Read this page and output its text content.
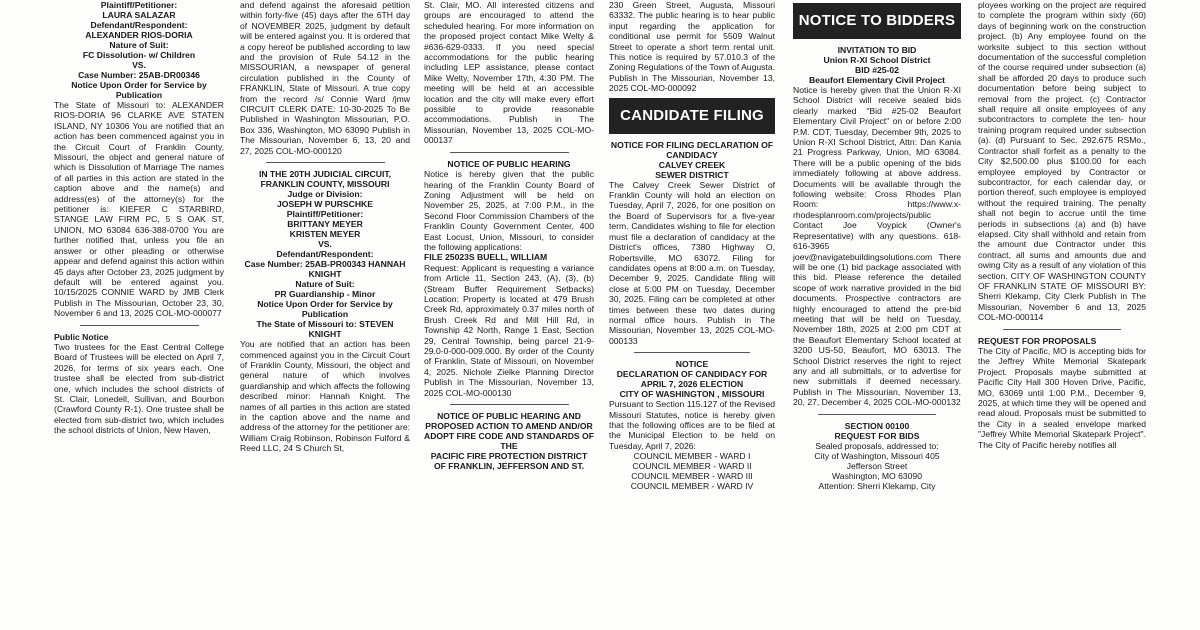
Plaintiff/Petitioner:

LAURA SALAZAR

Defendant/Respondent:

ALEXANDER RIOS-DORIA

Nature of Suit:

FC Dissolution- w/ Children

VS.

Case Number: 25AB-DR00346

Notice Upon Order for Service by Publication

The State of Missouri to: ALEXANDER RIOS-DORIA 96 CLARKE AVE STATEN ISLAND, NY 10306 You are notified that an action has been commenced against you in the Circuit Court of Franklin County, Missouri, the object and general nature of which is Dissolution of Marriage The names of all parties in this action are stated in the caption above and the name(s) and address(es) of the attorney(s) for the petitioner is: KIEFER C STARBIRD, STANGE LAW FIRM PC, 5 S OAK ST, UNION, MO 63084 636-388-0700 You are further notified that, unless you file an answer or other pleading or otherwise appear and defend against this action within 45 days after October 23, 2025 judgment by default will be entered against you. 10/15/2025 CONNIE WARD by JMB Clerk Publish in The Missourian, October 23, 30, November 6 and 13, 2025 COL-MO-000077

Public Notice

Two trustees for the East Central College Board of Trustees will be elected on April 7, 2026, for terms of six years each. One trustee shall be elected from sub-district one, which includes the school districts of St. Clair, Lonedell, Sullivan, and Bourbon (Crawford County R-1). One trustee shall be elected from sub-district two, which includes the school districts of Union, New Haven,

and defend against the aforesaid petition within forty-five (45) days after the 6TH day of NOVEMBER 2025, judgment by default will be entered against you. It is ordered that a copy hereof be published according to law and the provision of Rule 54.12 in the MISSOURIAN, a newspaper of general circulation published in the County of FRANKLIN, State of Missouri. A true copy from the record /s/ Connie Ward /jmw CIRCUIT CLERK DATE: 10-30-2025 To Be Published in Washington Missourian, P.O. Box 336, Washington, MO 63090 Publish in The Missourian, November 6, 13, 20 and 27, 2025 COL-MO-000120

IN THE 20TH JUDICIAL CIRCUIT, FRANKLIN COUNTY, MISSOURI

Judge or Division:

JOSEPH W PURSCHKE

Plaintiff/Petitioner:

BRITTANY MEYER

KRISTEN MEYER

VS.

Defendant/Respondent:

Case Number: 25AB-PR00343 HANNAH KNIGHT

Nature of Suit:

PR Guardianship - Minor

Notice Upon Order for Service by Publication

The State of Missouri to: STEVEN KNIGHT

You are notified that an action has been commenced against you in the Circuit Court of Franklin County, Missouri, the object and general nature of which involves guardianship and which affects the following described minor: Hannah Knight. The names of all parties in this action are stated in the caption above and the name and address of the attorney for the petitioner are: William Craig Robinson, Robinson Fulford & Reed LLC, 24 S Church St,

St. Clair, MO. All interested citizens and groups are encouraged to attend the scheduled hearing. For more information on the proposed project contact Mike Welty & #636-629-0333. If you need special accommodations for the public hearing including LEP assistance, please contact Mike Welty, November 17th, 4:30 PM. The meeting will be held at an accessible location and the city will make every effort possible to provide reasonable accommodations. Publish in The Missourian, November 13, 2025 COL-MO-000137

NOTICE OF PUBLIC HEARING

Notice is hereby given that the public hearing of the Franklin County Board of Zoning Adjustment will be held on November 25, 2025, at 7:00 P.M., in the Second Floor Commission Chambers of the Franklin County Government Center, 400 East Locust, Union, Missouri, to consider the following applications:

FILE 25023S BUELL, WILLIAM

Request: Applicant is requesting a variance from Article 11, Section 243, (A), (3), (b) (Stream Buffer Requirement Setbacks) Location: Property is located at 479 Brush Creek Rd, approximately 0.37 miles north of Brush Creek Rd and Mill Hill Rd, in Township 42 North, Range 1 East, Section 29, Central Township, being parcel 21-9-29.0-0-000-009.000. By order of the County of Franklin, State of Missouri, on November 4, 2025. Nichole Zielke Planning Director Publish in The Missourian, November 13, 2025 COL-MO-000130

NOTICE OF PUBLIC HEARING AND PROPOSED ACTION TO AMEND AND/OR ADOPT FIRE CODE AND STANDARDS OF THE

PACIFIC FIRE PROTECTION DISTRICT

OF FRANKLIN, JEFFERSON AND ST.

230 Green Street, Augusta, Missouri 63332. The public hearing is to hear public input regarding the application for conditional use permit for 5509 Walnut Street to operate a short term rental unit. This notice is required by 57.010.3 of the Zoning Regulations of the Town of Augusta. Publish in The Missourian, November 13, 2025 COL-MO-000092

CANDIDATE FILING

NOTICE FOR FILING DECLARATION OF CANDIDACY

CALVEY CREEK

SEWER DISTRICT

The Calvey Creek Sewer District of Franklin County will hold an election on Tuesday, April 7, 2026, for one position on the Board of Supervisors for a five-year term. Candidates wishing to file for election must file a declaration of candidacy at the District's offices, 7380 Highway O, Robertsville, MO 63072. Filing for candidates opens at 8:00 a.m. on Tuesday, December 9, 2025. Candidate filing will close at 5:00 PM on Tuesday, December 30, 2025. Filing can be completed at other times between these two dates during normal office hours. Publish in The Missourian, November 13, 2025 COL-MO-000133

NOTICE

DECLARATION OF CANDIDACY FOR APRIL 7, 2026 ELECTION

CITY OF WASHINGTON , MISSOURI

Pursuant to Section 115.127 of the Revised Missouri Statutes, notice is hereby given that the following offices are to be filed at the Municipal Election to be held on Tuesday, April 7, 2026:

COUNCIL MEMBER - WARD I

COUNCIL MEMBER - WARD II

COUNCIL MEMBER - WARD III

COUNCIL MEMBER - WARD IV

NOTICE TO BIDDERS

INVITATION TO BID

Union R-XI School District

BID #25-02

Beaufort Elementary Civil Project

Notice is hereby given that the Union R-XI School District will receive sealed bids clearly marked "Bid #25-02 Beaufort Elementary Civil Project" on or before 2:00 P.M. CDT, Tuesday, December 9th, 2025 to Union R-XI School District, Attn: Dan Kania 21 Progress Parkway, Union, MO 63084. There will be a public opening of the bids immediately following at above address. Documents will be available through the following website: Cross Rhodes Plan Room: https://www.x-rhodesplanroom.com/projects/public Contact Joe Voypick (Owner's Representative) with any questions. 618-616-3965 joev@navigatebuildingsolutions.com There will be one (1) bid package associated with this bid. Please reference the detailed scope of work narrative provided in the bid documents. Prospective contractors are highly encouraged to attend the pre-bid meeting that will be held on Tuesday, November 18th, 2025 at 2:00 pm CDT at the Beaufort Elementary School located at 3200 US-50, Beaufort, MO 63013. The School District reserves the right to reject any and all submittals, or to advertise for new submittals if deemed necessary. Publish in The Missourian, November 13, 20, 27, December 4, 2025 COL-MO-000132

SECTION 00100

REQUEST FOR BIDS

Sealed proposals, addressed to:

City of Washington, Missouri 405

Jefferson Street

Washington, MO 63090

Attention: Sherri Klekamp, City

ployees working on the project are required to complete the program within sixty (60) days of beginning work on the construction project. (b) Any employee found on the worksite subject to this section without documentation of the successful completion of the course required under subsection (a) shall be afforded 20 days to produce such documentation before being subject to removal from the project. (c) Contractor shall require all onsite employees of any subcontractors to complete the ten- hour training program required under subsection (a). (d) Pursuant to Sec. 292.675 RSMo., Contractor shall forfeit as a penalty to the City $2,500.00 plus $100.00 for each employee employed by Contractor or subcontractor, for each calendar day, or portion thereof, such employee is employed without the required training. The penalty shall not begin to accrue until the time periods in subsections (a) and (b) have elapsed. City shall withhold and retain from the amount due Contractor under this contract, all sums and amounts due and owing City as a result of any violation of this section. CITY OF WASHINGTON COUNTY OF FRANKLIN STATE OF MISSOURI BY: Sherri Klekamp, City Clerk Publish in The Missourian, November 6 and 13, 2025 COL-MO-000114

REQUEST FOR PROPOSALS

The City of Pacific, MO is accepting bids for the Jeffrey White Memorial Skatepark Project. Proposals maybe submitted at Pacific City Hall 300 Hoven Drive, Pacific, MO, 63069 until 1:00 P.M., December 9, 2025, at which time they will be opened and read aloud. Proposals must be submitted to the City in a sealed envelope marked "Jeffrey White Memorial Skatepark Project". The City of Pacific hereby notifies all
